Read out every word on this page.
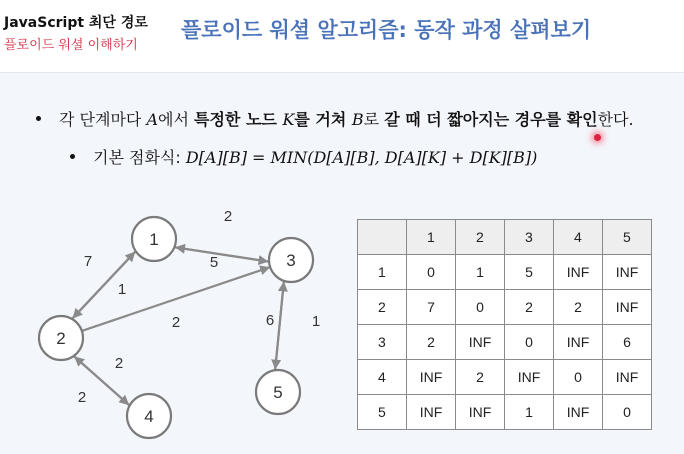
JavaScript 최단 경로
플로이드 워셜 이해하기
플로이드 워셜 알고리즘: 동작 과정 살펴보기
각 단계마다 A에서 특정한 노드 K를 거쳐 B로 갈 때 더 짧아지는 경우를 확인한다.
기본 점화식: D[A][B] = MIN(D[A][B], D[A][K] + D[K][B])
5
2
1
7
2
2
2
6	1
1
2
3
4
5
	1	2	3	4	5
1	0	1	5	INF	INF
2	7	0	2	2	INF
3	2	INF	0	INF	6
4	INF	2	INF	0	INF
5	INF	INF	1	INF	0
